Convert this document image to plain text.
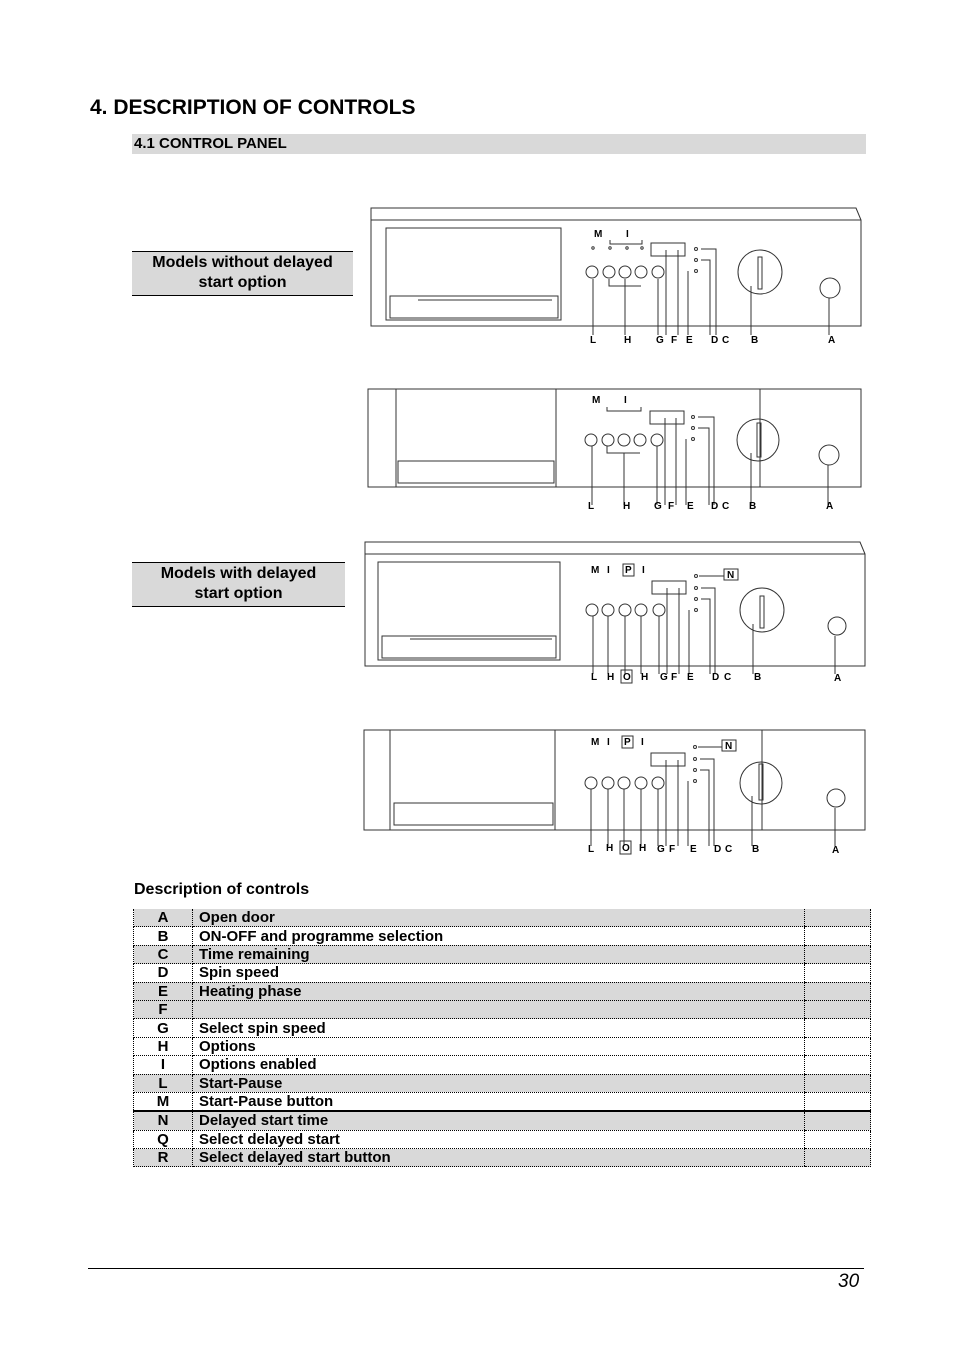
4. DESCRIPTION OF CONTROLS
4.1 CONTROL PANEL
Models without delayed
start option
Models with delayed
start option
M I
L	H G F E D C B	A
M I
L	H G F E D C B	A
M I P I	N
L H O H G F E D C B	A
M I P I	N
L H O H G F E D C B	A
Description of controls
A	Open door	
B	ON-OFF and programme selection	
C	Time remaining	
D	Spin speed	
E	Heating phase	
F		
G	Select spin speed	
H	Options	
I	Options enabled	
L	Start-Pause	
M	Start-Pause button	
N	Delayed start time	
Q	Select delayed start	
R	Select delayed start button	
30
